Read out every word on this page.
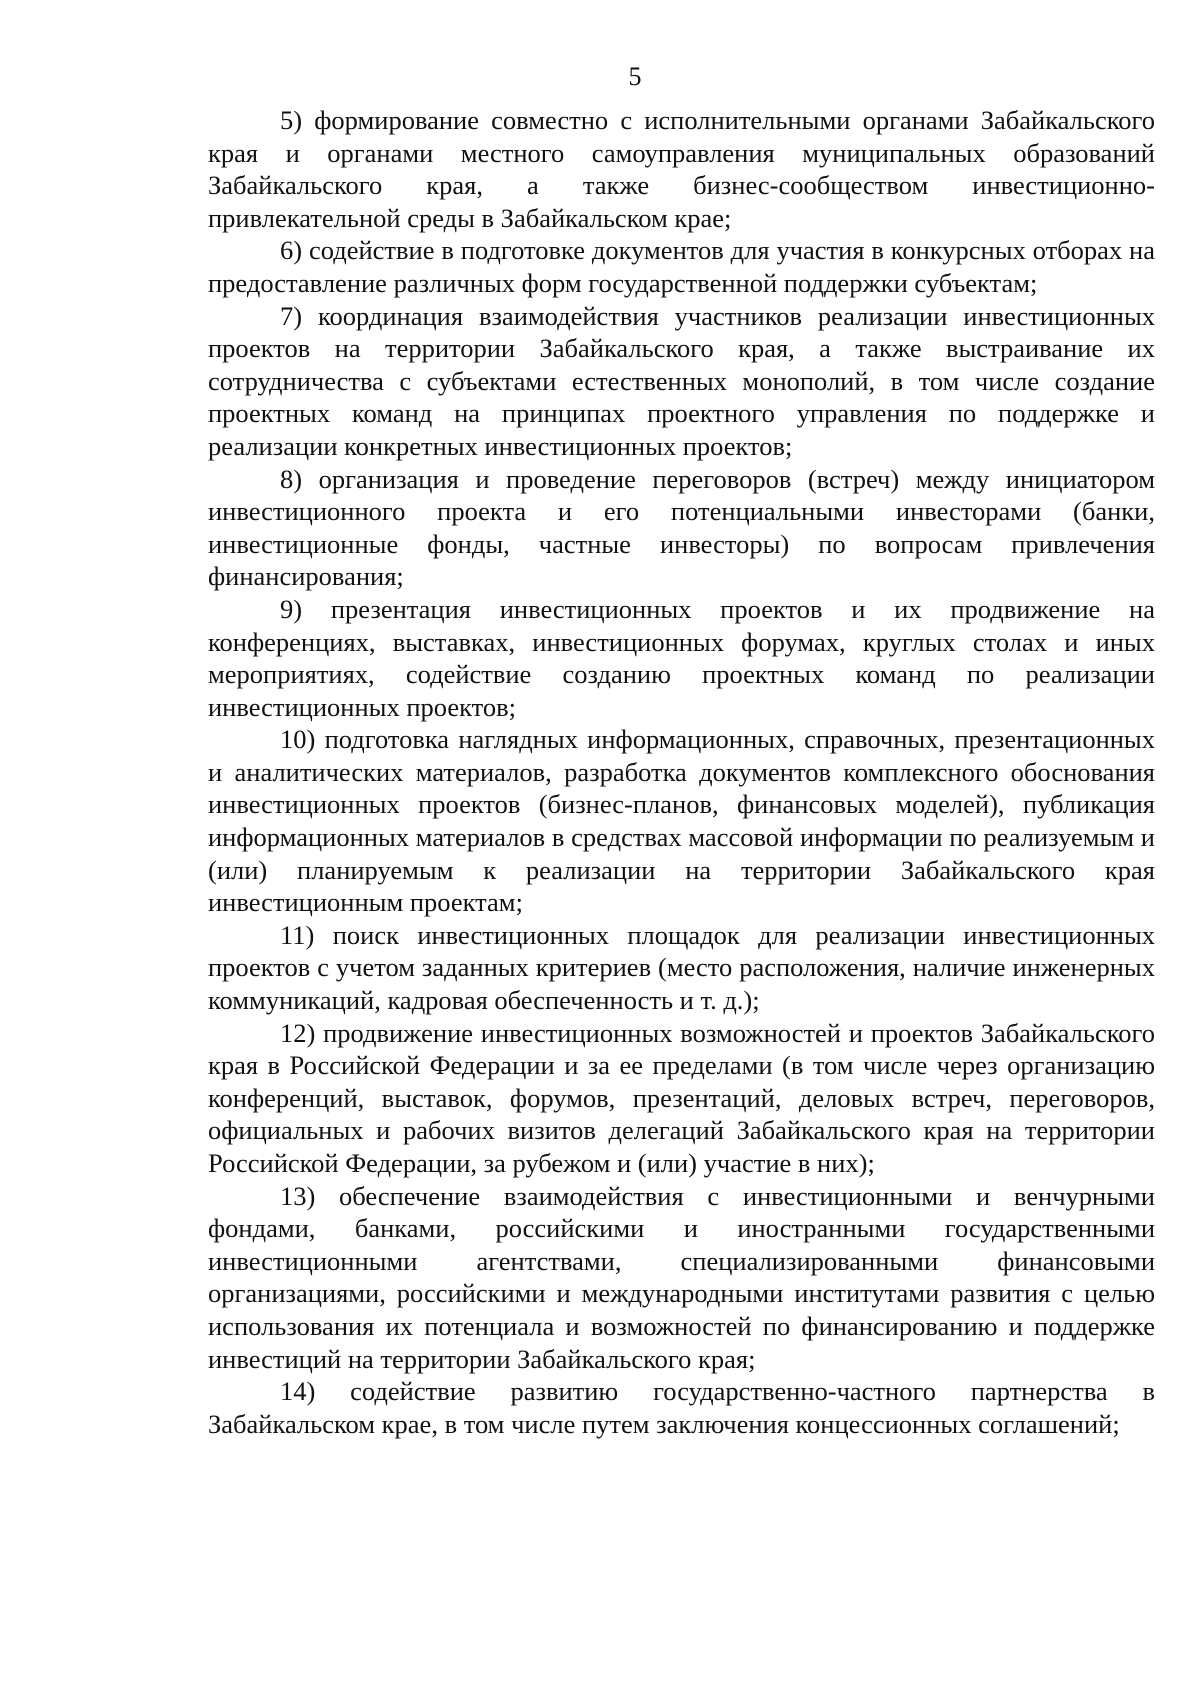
5

5) формирование совместно с исполнительными органами Забайкальского края и органами местного самоуправления муниципальных образований Забайкальского края, а также бизнес-сообществом инвестиционно-привлекательной среды в Забайкальском крае;

6) содействие в подготовке документов для участия в конкурсных отборах на предоставление различных форм государственной поддержки субъектам;

7) координация взаимодействия участников реализации инвестиционных проектов на территории Забайкальского края, а также выстраивание их сотрудничества с субъектами естественных монополий, в том числе создание проектных команд на принципах проектного управления по поддержке и реализации конкретных инвестиционных проектов;

8) организация и проведение переговоров (встреч) между инициатором инвестиционного проекта и его потенциальными инвесторами (банки, инвестиционные фонды, частные инвесторы) по вопросам привлечения финансирования;

9) презентация инвестиционных проектов и их продвижение на конференциях, выставках, инвестиционных форумах, круглых столах и иных мероприятиях, содействие созданию проектных команд по реализации инвестиционных проектов;

10) подготовка наглядных информационных, справочных, презентационных и аналитических материалов, разработка документов комплексного обоснования инвестиционных проектов (бизнес-планов, финансовых моделей), публикация информационных материалов в средствах массовой информации по реализуемым и (или) планируемым к реализации на территории Забайкальского края инвестиционным проектам;

11) поиск инвестиционных площадок для реализации инвестиционных проектов с учетом заданных критериев (место расположения, наличие инженерных коммуникаций, кадровая обеспеченность и т. д.);

12) продвижение инвестиционных возможностей и проектов Забайкальского края в Российской Федерации и за ее пределами (в том числе через организацию конференций, выставок, форумов, презентаций, деловых встреч, переговоров, официальных и рабочих визитов делегаций Забайкальского края на территории Российской Федерации, за рубежом и (или) участие в них);

13) обеспечение взаимодействия с инвестиционными и венчурными фондами, банками, российскими и иностранными государственными инвестиционными агентствами, специализированными финансовыми организациями, российскими и международными институтами развития с целью использования их потенциала и возможностей по финансированию и поддержке инвестиций на территории Забайкальского края;

14) содействие развитию государственно-частного партнерства в Забайкальском крае, в том числе путем заключения концессионных соглашений;
